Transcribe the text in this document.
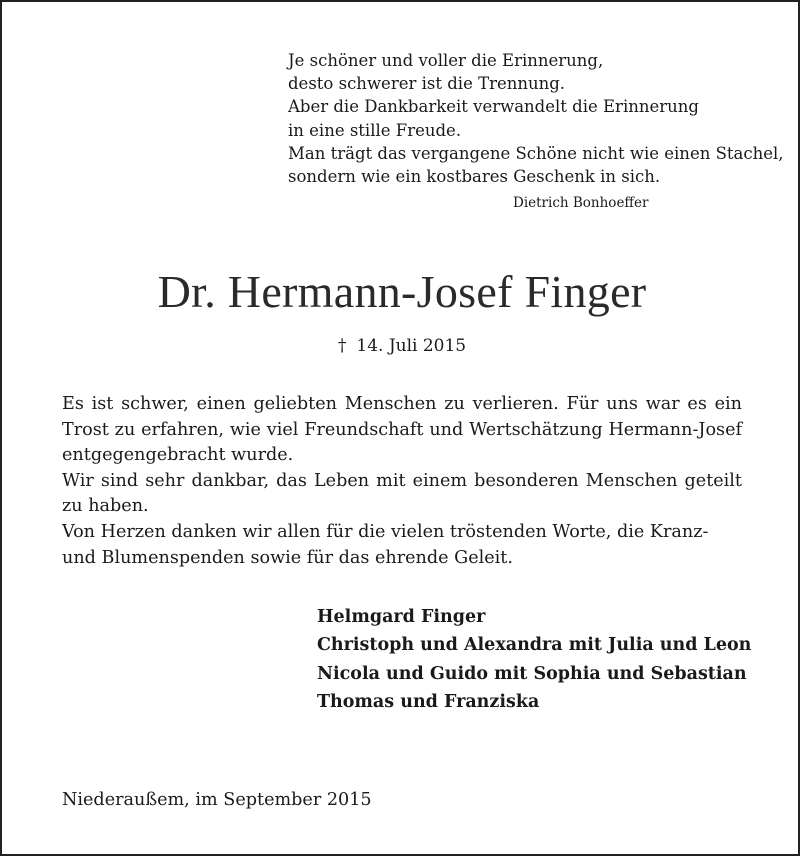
Je schöner und voller die Erinnerung,
desto schwerer ist die Trennung.
Aber die Dankbarkeit verwandelt die Erinnerung
in eine stille Freude.
Man trägt das vergangene Schöne nicht wie einen Stachel,
sondern wie ein kostbares Geschenk in sich.
Dietrich Bonhoeffer
Dr. Hermann-Josef Finger
† 14. Juli 2015

Es ist schwer, einen geliebten Menschen zu verlieren. Für uns war es ein Trost zu erfahren, wie viel Freundschaft und Wertschätzung Hermann-Josef entgegengebracht wurde.

Wir sind sehr dankbar, das Leben mit einem besonderen Menschen geteilt zu haben.

Von Herzen danken wir allen für die vielen tröstenden Worte, die Kranz- und Blumenspenden sowie für das ehrende Geleit.

Helmgard Finger
Christoph und Alexandra mit Julia und Leon
Nicola und Guido mit Sophia und Sebastian
Thomas und Franziska
Niederaußem, im September 2015
